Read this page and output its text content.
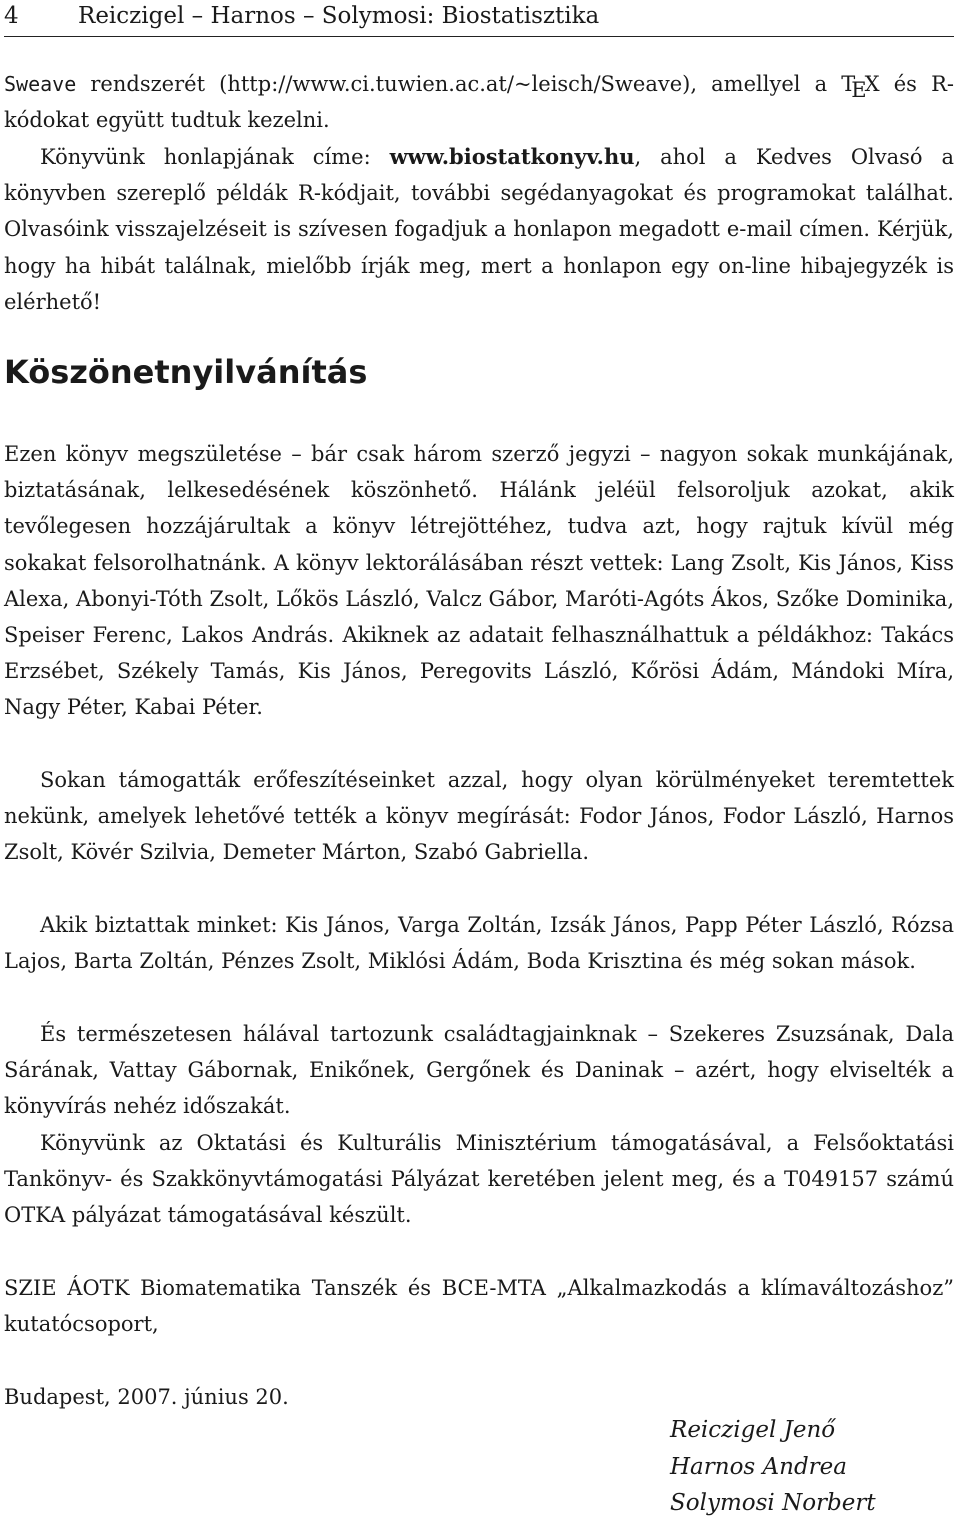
4	Reiczigel – Harnos – Solymosi: Biostatisztika

Sweave rendszerét (http://www.ci.tuwien.ac.at/~leisch/Sweave), amellyel a TEX és R-kódokat együtt tudtuk kezelni.

Könyvünk honlapjának címe: www.biostatkonyv.hu, ahol a Kedves Olvasó a könyvben szereplő példák R-kódjait, további segédanyagokat és programokat találhat. Olvasóink visszajelzéseit is szívesen fogadjuk a honlapon megadott e-mail címen. Kérjük, hogy ha hibát találnak, mielőbb írják meg, mert a honlapon egy on-line hibajegyzék is elérhető!

Köszönetnyilvánítás

Ezen könyv megszületése – bár csak három szerző jegyzi – nagyon sokak munkájának, biztatásának, lelkesedésének köszönhető. Hálánk jeléül felsoroljuk azokat, akik tevőlegesen hozzájárultak a könyv létrejöttéhez, tudva azt, hogy rajtuk kívül még sokakat felsorolhatnánk. A könyv lektorálásában részt vettek: Lang Zsolt, Kis János, Kiss Alexa, Abonyi-Tóth Zsolt, Lőkös László, Valcz Gábor, Maróti-Agóts Ákos, Szőke Dominika, Speiser Ferenc, Lakos András. Akiknek az adatait felhasználhattuk a példákhoz: Takács Erzsébet, Székely Tamás, Kis János, Peregovits László, Kőrösi Ádám, Mándoki Míra, Nagy Péter, Kabai Péter.

Sokan támogatták erőfeszítéseinket azzal, hogy olyan körülményeket teremtettek nekünk, amelyek lehetővé tették a könyv megírását: Fodor János, Fodor László, Harnos Zsolt, Kövér Szilvia, Demeter Márton, Szabó Gabriella.

Akik biztattak minket: Kis János, Varga Zoltán, Izsák János, Papp Péter László, Rózsa Lajos, Barta Zoltán, Pénzes Zsolt, Miklósi Ádám, Boda Krisztina és még sokan mások.

És természetesen hálával tartozunk családtagjainknak – Szekeres Zsuzsának, Dala Sárának, Vattay Gábornak, Enikőnek, Gergőnek és Daninak – azért, hogy elviselték a könyvírás nehéz időszakát.

Könyvünk az Oktatási és Kulturális Minisztérium támogatásával, a Felsőoktatási Tankönyv- és Szakkönyvtámogatási Pályázat keretében jelent meg, és a T049157 számú OTKA pályázat támogatásával készült.

SZIE ÁOTK Biomatematika Tanszék és BCE-MTA „Alkalmazkodás a klímaváltozáshoz” kutatócsoport,

Budapest, 2007. június 20.

Reiczigel Jenő
Harnos Andrea
Solymosi Norbert
